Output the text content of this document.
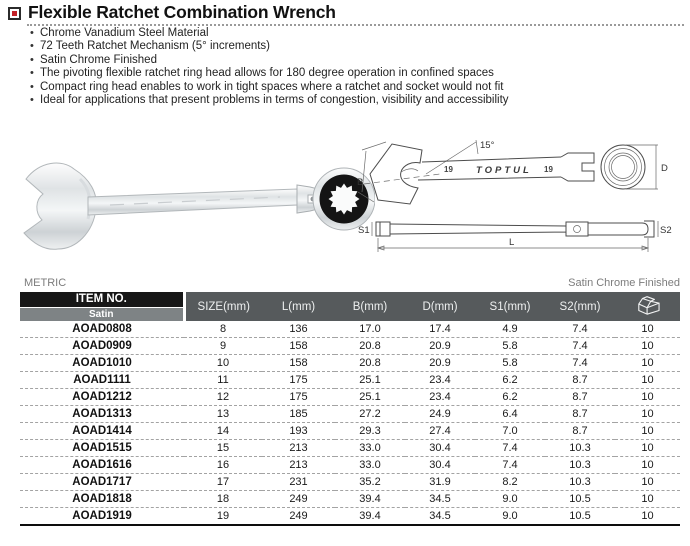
Flexible Ratchet Combination Wrench
• Chrome Vanadium Steel Material
• 72 Teeth Ratchet Mechanism (5° increments)
• Satin Chrome Finished
• The pivoting flexible ratchet ring head allows for 180 degree operation in confined spaces
• Compact ring head enables to work in tight spaces where a ratchet and socket would not fit
• Ideal for applications that present problems in terms of congestion, visibility and accessibility
B
15°
19 TOPTUL 19	D
S1	S2
L
METRIC	Satin Chrome Finished
ITEM NO.
Satin	SIZE(mm)	L(mm)	B(mm)	D(mm)	S1(mm)	S2(mm)	
AOAD0808	8	136	17.0	17.4	4.9	7.4	10
AOAD0909	9	158	20.8	20.9	5.8	7.4	10
AOAD1010	10	158	20.8	20.9	5.8	7.4	10
AOAD1111	11	175	25.1	23.4	6.2	8.7	10
AOAD1212	12	175	25.1	23.4	6.2	8.7	10
AOAD1313	13	185	27.2	24.9	6.4	8.7	10
AOAD1414	14	193	29.3	27.4	7.0	8.7	10
AOAD1515	15	213	33.0	30.4	7.4	10.3	10
AOAD1616	16	213	33.0	30.4	7.4	10.3	10
AOAD1717	17	231	35.2	31.9	8.2	10.3	10
AOAD1818	18	249	39.4	34.5	9.0	10.5	10
AOAD1919	19	249	39.4	34.5	9.0	10.5	10
